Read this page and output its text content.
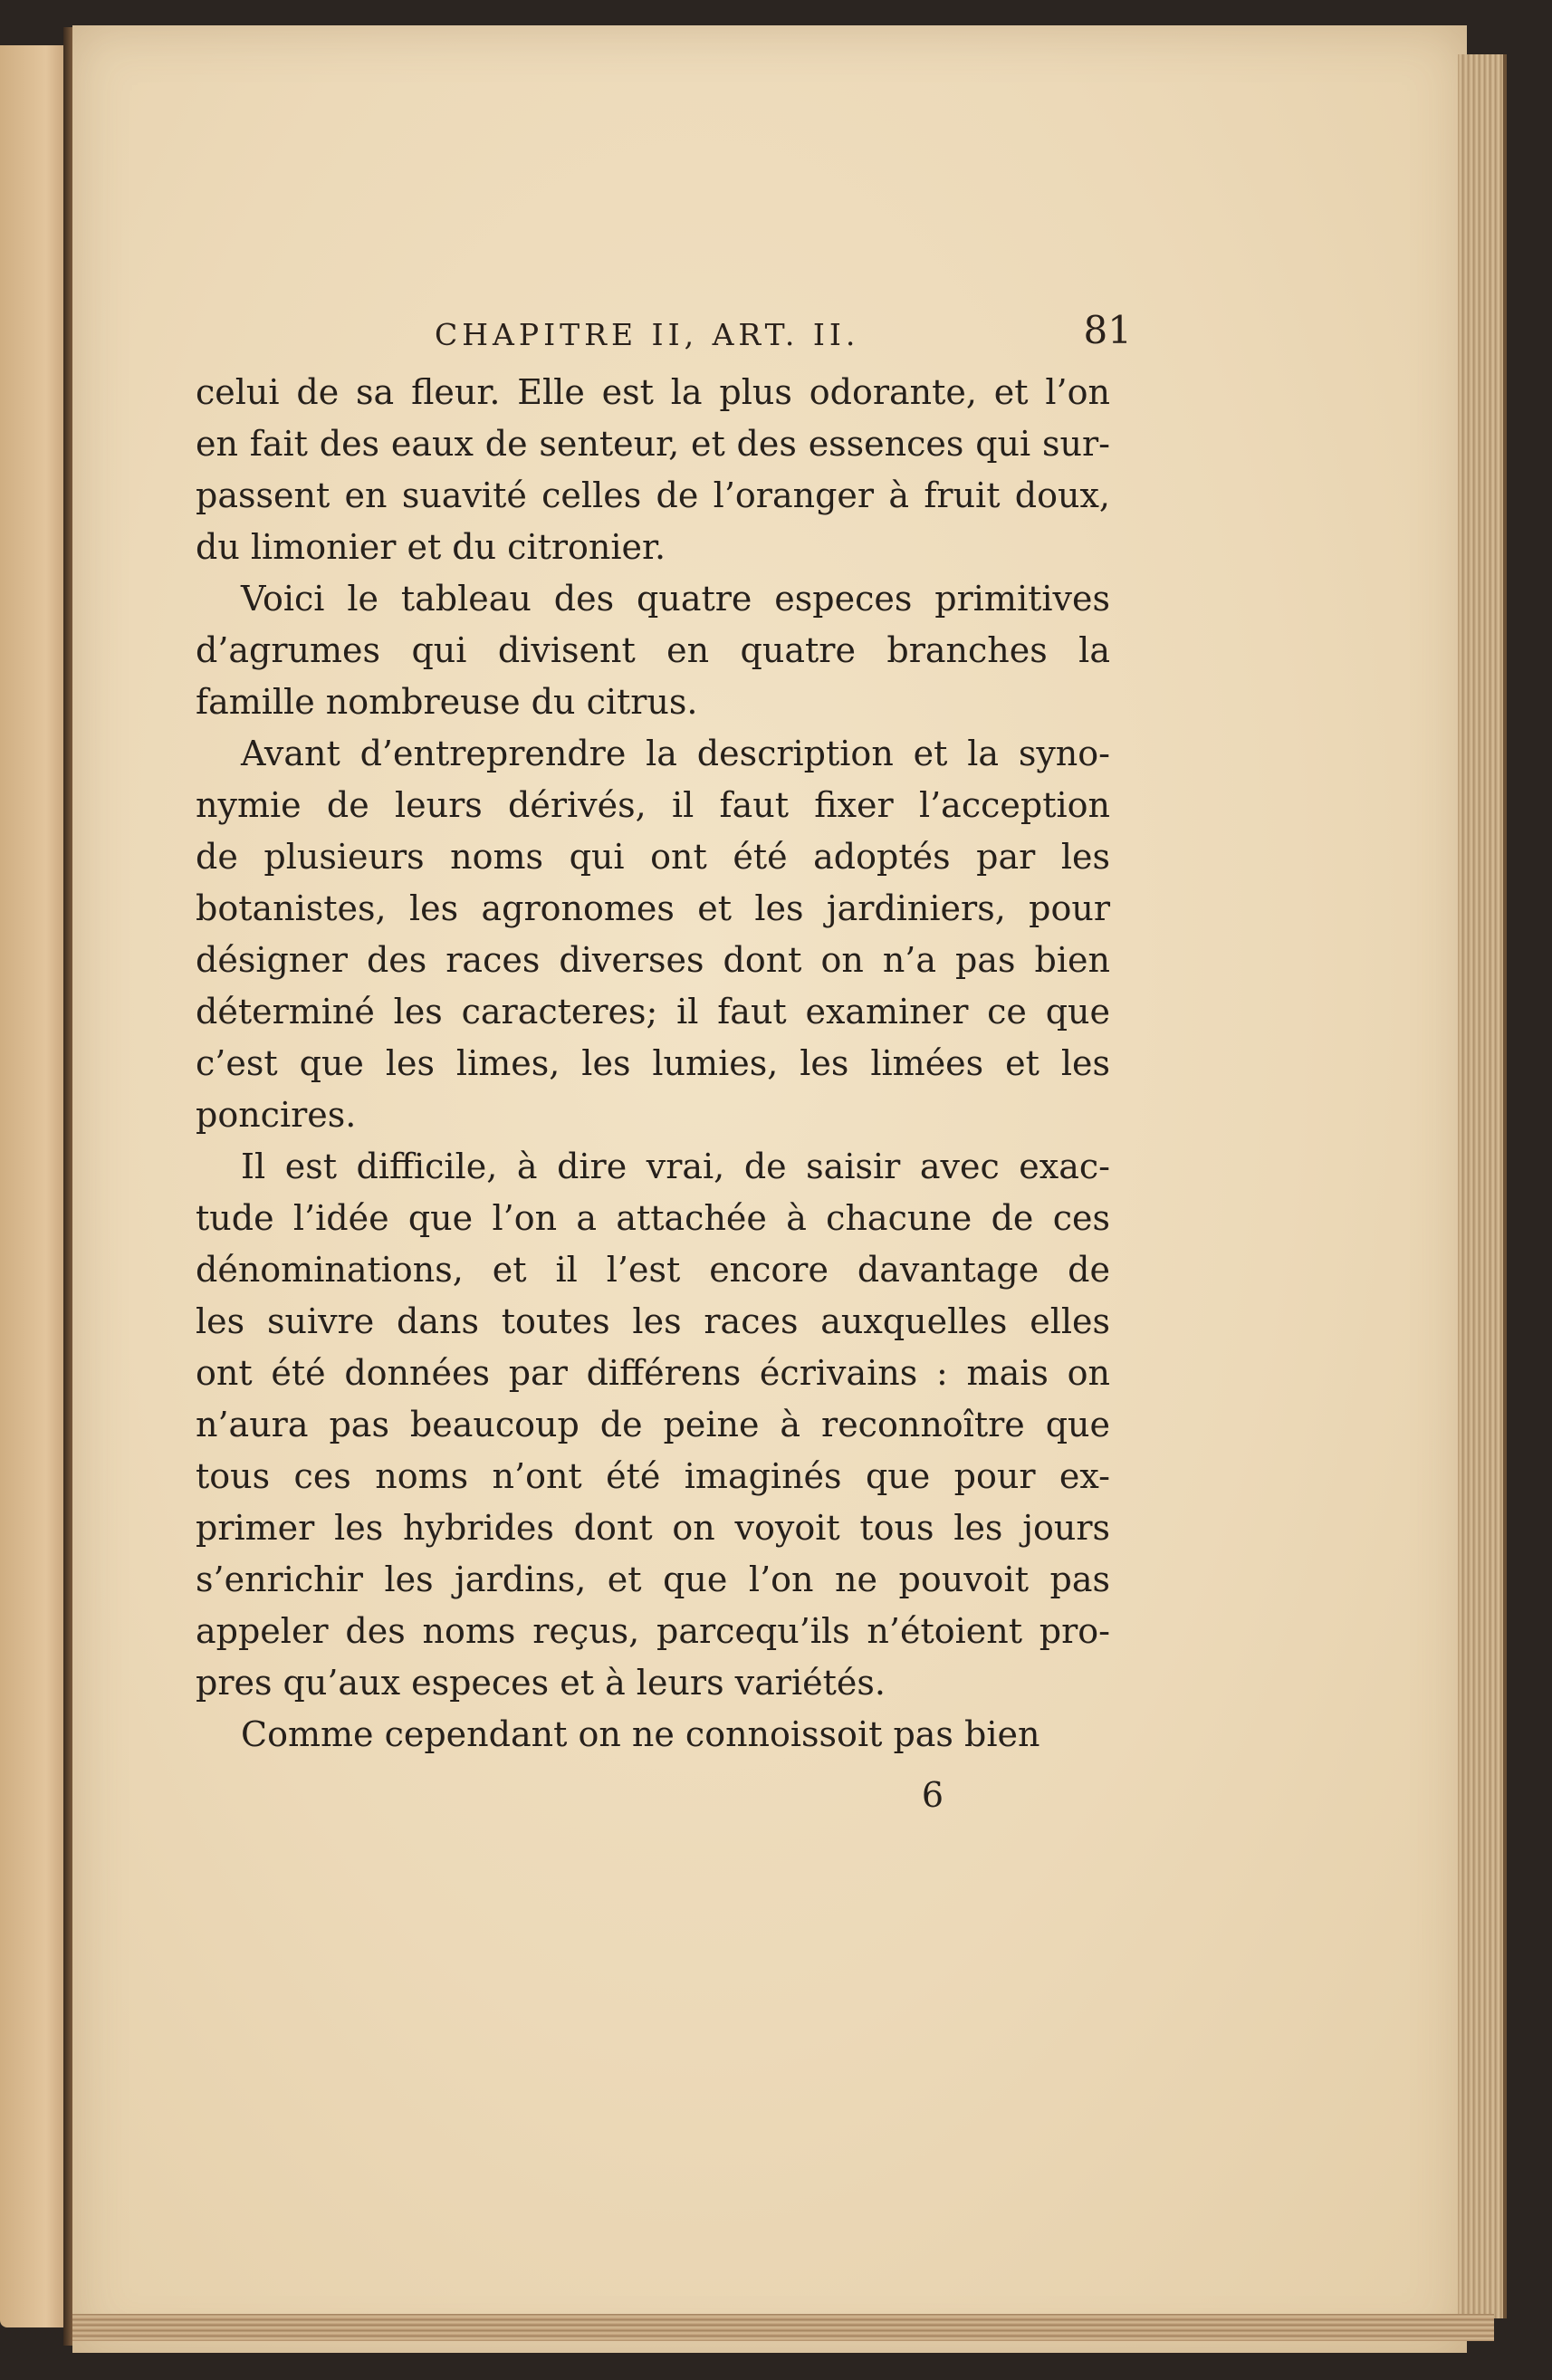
CHAPITRE II, ART. II.	81
celui de sa fleur. Elle est la plus odorante, et l’on
en fait des eaux de senteur, et des essences qui sur-
passent en suavité celles de l’oranger à fruit doux,
du limonier et du citronier.
Voici le tableau des quatre especes primitives
d’agrumes qui divisent en quatre branches la
famille nombreuse du citrus.
Avant d’entreprendre la description et la syno-
nymie de leurs dérivés, il faut fixer l’acception
de plusieurs noms qui ont été adoptés par les
botanistes, les agronomes et les jardiniers, pour
désigner des races diverses dont on n’a pas bien
déterminé les caracteres; il faut examiner ce que
c’est que les limes, les lumies, les limées et les
poncires.
Il est difficile, à dire vrai, de saisir avec exac-
tude l’idée que l’on a attachée à chacune de ces
dénominations, et il l’est encore davantage de
les suivre dans toutes les races auxquelles elles
ont été données par différens écrivains : mais on
n’aura pas beaucoup de peine à reconnoître que
tous ces noms n’ont été imaginés que pour ex-
primer les hybrides dont on voyoit tous les jours
s’enrichir les jardins, et que l’on ne pouvoit pas
appeler des noms reçus, parcequ’ils n’étoient pro-
pres qu’aux especes et à leurs variétés.
Comme cependant on ne connoissoit pas bien
6
